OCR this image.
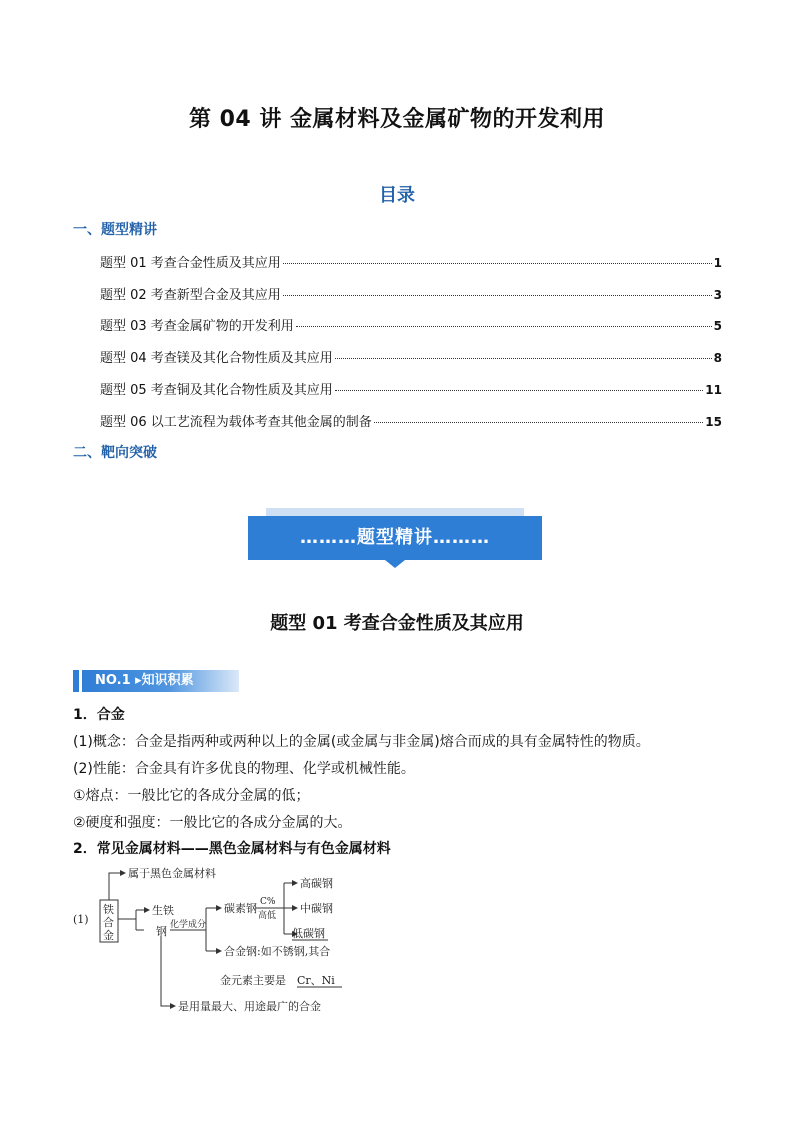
第 04 讲 金属材料及金属矿物的开发利用
目录
一、题型精讲
题型 01 考查合金性质及其应用	1
题型 02 考查新型合金及其应用	3
题型 03 考查金属矿物的开发利用	5
题型 04 考查镁及其化合物性质及其应用	8
题型 05 考查铜及其化合物性质及其应用	11
题型 06 以工艺流程为载体考查其他金属的制备	15
二、靶向突破
………题型精讲………
题型 01 考查合金性质及其应用
NO.1 ▸知识积累
1．合金
(1)概念：合金是指两种或两种以上的金属(或金属与非金属)熔合而成的具有金属特性的物质。
(2)性能：合金具有许多优良的物理、化学或机械性能。
①熔点：一般比它的各成分金属的低；
②硬度和强度：一般比它的各成分金属的大。
2．常见金属材料——黑色金属材料与有色金属材料
(1)
铁
合
金
属于黑色金属材料
生铁
钢 化学成分
碳素钢 C%
高低
高碳钢
中碳钢
低碳钢
合金钢:如不锈钢,其合
金元素主要是 Cr、Ni
是用量最大、用途最广的合金
